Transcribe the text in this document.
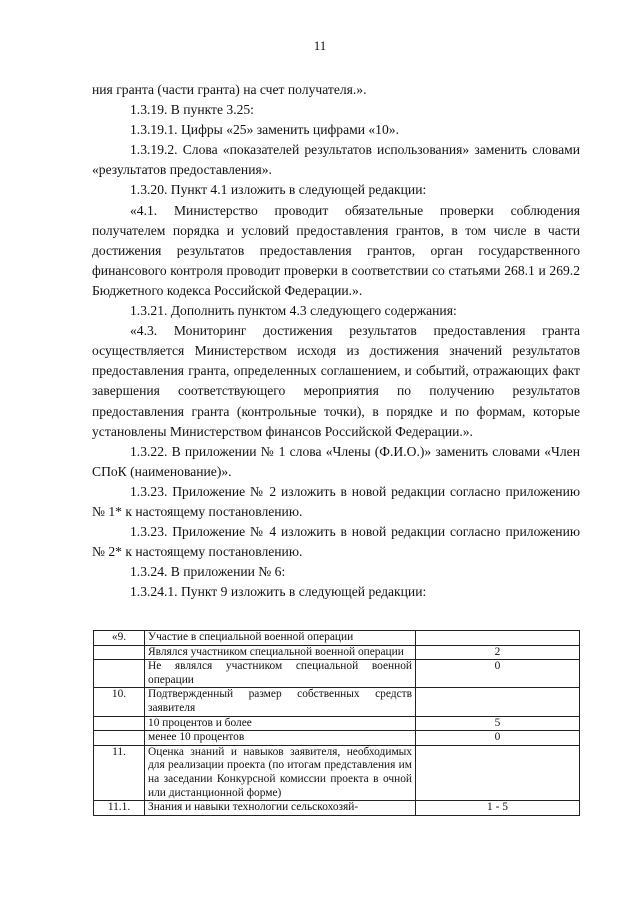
11

ния гранта (части гранта) на счет получателя.».

1.3.19. В пункте 3.25:

1.3.19.1. Цифры «25» заменить цифрами «10».

1.3.19.2. Слова «показателей результатов использования» заменить словами «результатов предоставления».

1.3.20. Пункт 4.1 изложить в следующей редакции:

«4.1. Министерство проводит обязательные проверки соблюдения получателем порядка и условий предоставления грантов, в том числе в части достижения результатов предоставления грантов, орган государственного финансового контроля проводит проверки в соответствии со статьями 268.1 и 269.2 Бюджетного кодекса Российской Федерации.».

1.3.21. Дополнить пунктом 4.3 следующего содержания:

«4.3. Мониторинг достижения результатов предоставления гранта осуществляется Министерством исходя из достижения значений результатов предоставления гранта, определенных соглашением, и событий, отражающих факт завершения соответствующего мероприятия по получению результатов предоставления гранта (контрольные точки), в порядке и по формам, которые установлены Министерством финансов Российской Федерации.».

1.3.22. В приложении № 1 слова «Члены (Ф.И.О.)» заменить словами «Член СПоК (наименование)».

1.3.23. Приложение № 2 изложить в новой редакции согласно приложению № 1* к настоящему постановлению.

1.3.23. Приложение № 4 изложить в новой редакции согласно приложению № 2* к настоящему постановлению.

1.3.24. В приложении № 6:

1.3.24.1. Пункт 9 изложить в следующей редакции:

«9.	Участие в специальной военной операции	
	Являлся участником специальной военной операции	2
	Не являлся участником специальной военной операции	0
10.	Подтвержденный размер собственных средств заявителя	
	10 процентов и более	5
	менее 10 процентов	0
11.	Оценка знаний и навыков заявителя, необходимых для реализации проекта (по итогам представления им на заседании Конкурсной комиссии проекта в очной или дистанционной форме)	
11.1.	Знания и навыки технологии сельскохозяй-	1 - 5
